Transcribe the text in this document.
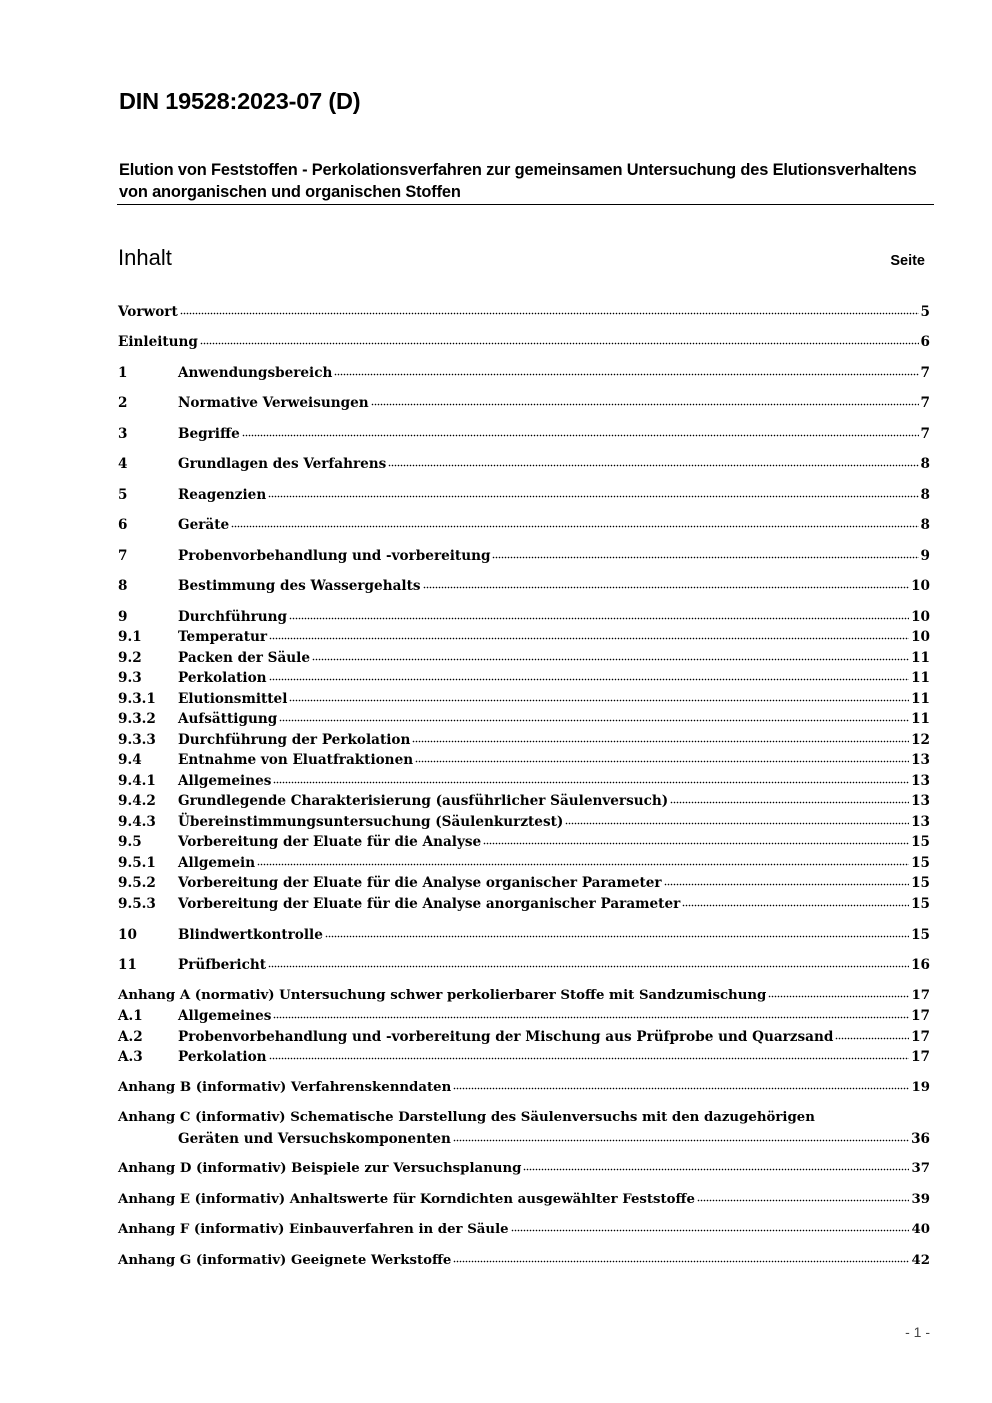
DIN 19528:2023-07 (D)
Elution von Feststoffen - Perkolationsverfahren zur gemeinsamen Untersuchung des Elutionsverhaltens von anorganischen und organischen Stoffen
Inhalt	Seite
Vorwort	5
Einleitung	6
1	Anwendungsbereich	7
2	Normative Verweisungen	7
3	Begriffe	7
4	Grundlagen des Verfahrens	8
5	Reagenzien	8
6	Geräte	8
7	Probenvorbehandlung und -vorbereitung	9
8	Bestimmung des Wassergehalts	10
9	Durchführung	10
9.1	Temperatur	10
9.2	Packen der Säule	11
9.3	Perkolation	11
9.3.1	Elutionsmittel	11
9.3.2	Aufsättigung	11
9.3.3	Durchführung der Perkolation	12
9.4	Entnahme von Eluatfraktionen	13
9.4.1	Allgemeines	13
9.4.2	Grundlegende Charakterisierung (ausführlicher Säulenversuch)	13
9.4.3	Übereinstimmungsuntersuchung (Säulenkurztest)	13
9.5	Vorbereitung der Eluate für die Analyse	15
9.5.1	Allgemein	15
9.5.2	Vorbereitung der Eluate für die Analyse organischer Parameter	15
9.5.3	Vorbereitung der Eluate für die Analyse anorganischer Parameter	15
10	Blindwertkontrolle	15
11	Prüfbericht	16
Anhang A (normativ) Untersuchung schwer perkolierbarer Stoffe mit Sandzumischung	17
A.1	Allgemeines	17
A.2	Probenvorbehandlung und -vorbereitung der Mischung aus Prüfprobe und Quarzsand	17
A.3	Perkolation	17
Anhang B (informativ) Verfahrenskenndaten	19
Anhang C (informativ) Schematische Darstellung des Säulenversuchs mit den dazugehörigen
Geräten und Versuchskomponenten	36
Anhang D (informativ) Beispiele zur Versuchsplanung	37
Anhang E (informativ) Anhaltswerte für Korndichten ausgewählter Feststoffe	39
Anhang F (informativ) Einbauverfahren in der Säule	40
Anhang G (informativ) Geeignete Werkstoffe	42
- 1 -
